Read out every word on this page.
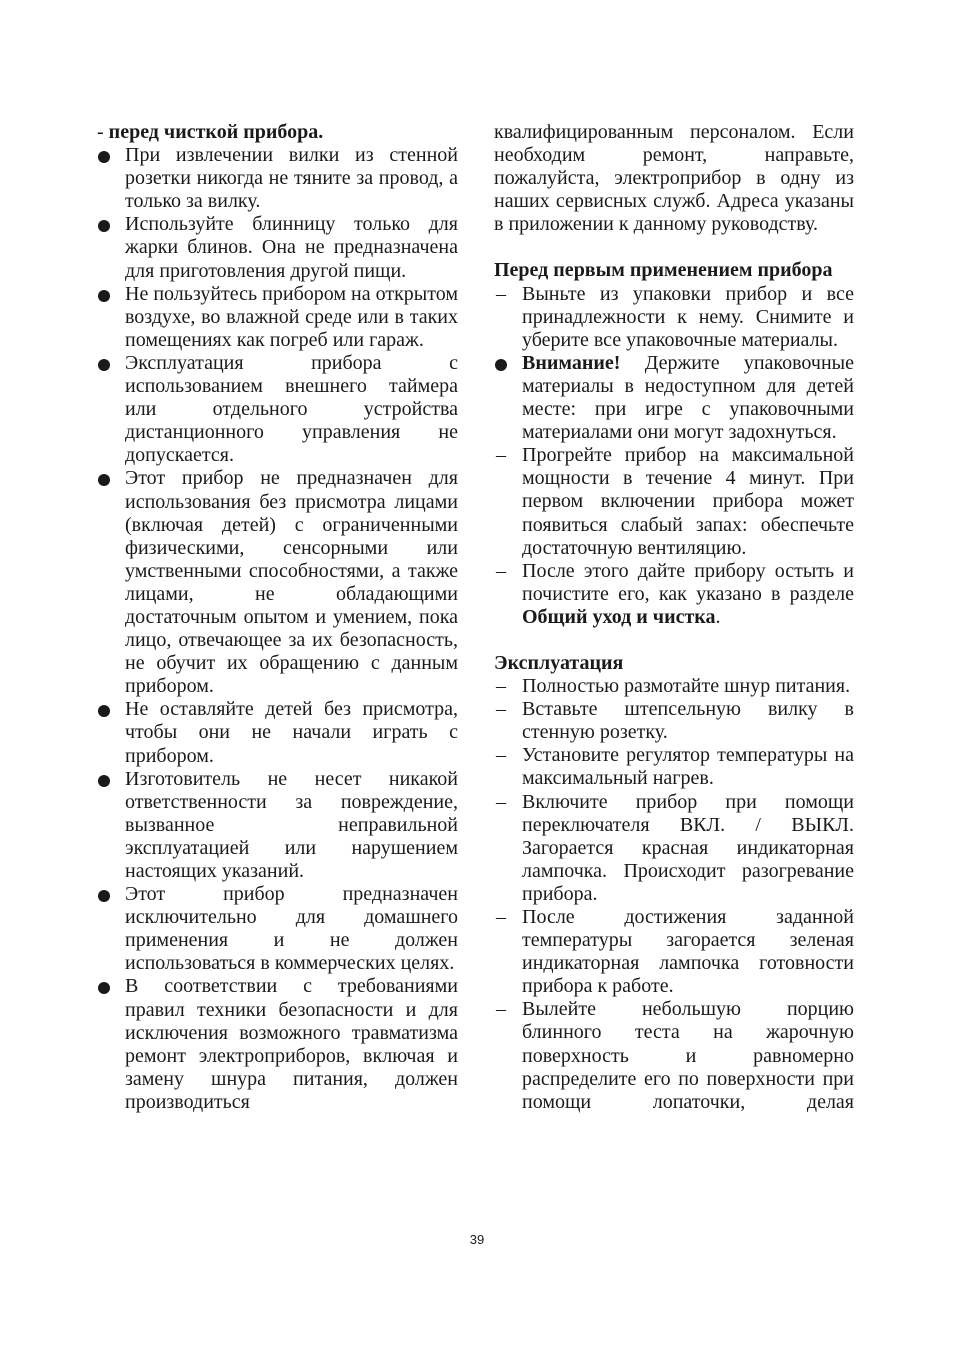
- перед чисткой прибора.

При извлечении вилки из стенной розетки никогда не тяните за провод, а только за вилку.
Используйте блинницу только для жарки блинов. Она не предназначена для приготовления другой пищи.
Не пользуйтесь прибором на открытом воздухе, во влажной среде или в таких помещениях как погреб или гараж.
Эксплуатация прибора с использованием внешнего таймера или отдельного устройства дистанционного управления не допускается.
Этот прибор не предназначен для использования без присмотра лицами (включая детей) с ограниченными физическими, сенсорными или умственными способностями, а также лицами, не обладающими достаточным опытом и умением, пока лицо, отвечающее за их безопасность, не обучит их обращению с данным прибором.
Не оставляйте детей без присмотра, чтобы они не начали играть с прибором.
Изготовитель не несет никакой ответственности за повреждение, вызванное неправильной эксплуатацией или нарушением настоящих указаний.
Этот прибор предназначен исключительно для домашнего применения и не должен использоваться в коммерческих целях.
В соответствии с требованиями правил техники безопасности и для исключения возможного травматизма ремонт электроприборов, включая и замену шнура питания, должен производиться

квалифицированным персоналом. Если необходим ремонт, направьте, пожалуйста, электроприбор в одну из наших сервисных служб. Адреса указаны в приложении к данному руководству.

Перед первым применением прибора

Выньте из упаковки прибор и все принадлежности к нему. Снимите и уберите все упаковочные материалы.
Внимание! Держите упаковочные материалы в недоступном для детей месте: при игре с упаковочными материалами они могут задохнуться.
Прогрейте прибор на максимальной мощности в течение 4 минут. При первом включении прибора может появиться слабый запах: обеспечьте достаточную вентиляцию.
После этого дайте прибору остыть и почистите его, как указано в разделе Общий уход и чистка.

Эксплуатация

Полностью размотайте шнур питания.
Вставьте штепсельную вилку в стенную розетку.
Установите регулятор температуры на максимальный нагрев.
Включите прибор при помощи переключателя ВКЛ. / ВЫКЛ. Загорается красная индикаторная лампочка. Происходит разогревание прибора.
После достижения заданной температуры загорается зеленая индикаторная лампочка готовности прибора к работе.
Вылейте небольшую порцию блинного теста на жарочную поверхность и равномерно распределите его по поверхности при помощи лопаточки, делая
39
